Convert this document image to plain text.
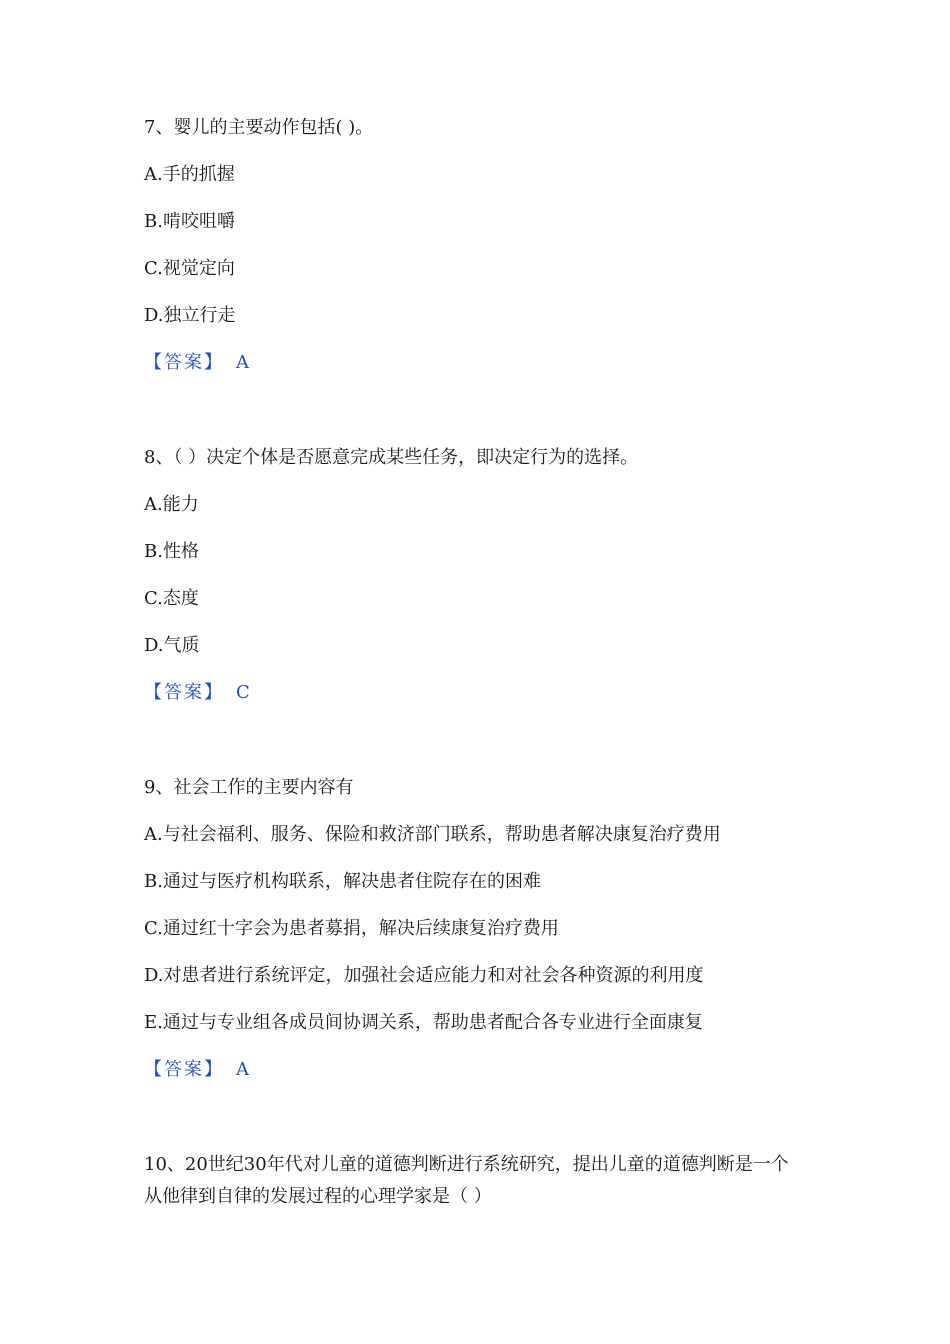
7、婴儿的主要动作包括( )。
A.手的抓握
B.啃咬咀嚼
C.视觉定向
D.独立行走
【答案】 A
8、（ ）决定个体是否愿意完成某些任务，即决定行为的选择。
A.能力
B.性格
C.态度
D.气质
【答案】 C
9、社会工作的主要内容有
A.与社会福利、服务、保险和救济部门联系，帮助患者解决康复治疗费用
B.通过与医疗机构联系，解决患者住院存在的困难
C.通过红十字会为患者募捐，解决后续康复治疗费用
D.对患者进行系统评定，加强社会适应能力和对社会各种资源的利用度
E.通过与专业组各成员间协调关系，帮助患者配合各专业进行全面康复
【答案】 A
10、20世纪30年代对儿童的道德判断进行系统研究，提出儿童的道德判断是一个从他律到自律的发展过程的心理学家是（ ）
